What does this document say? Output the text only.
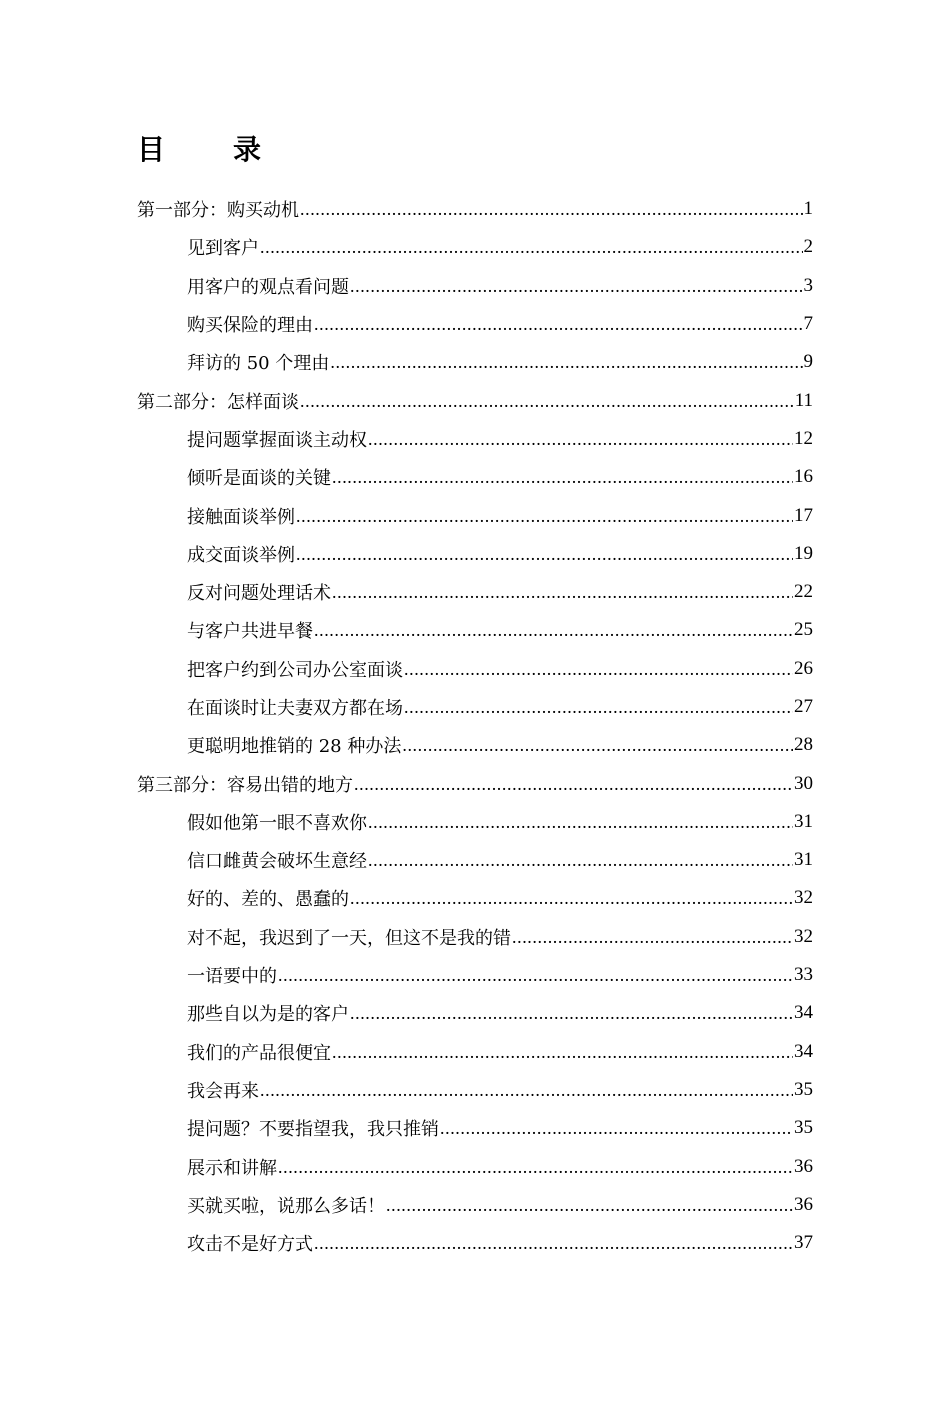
目　录
第一部分：购买动机 .....	1
见到客户 .....	2
用客户的观点看问题 .....	3
购买保险的理由 .....	7
拜访的 50 个理由 .....	9
第二部分：怎样面谈 .....	11
提问题掌握面谈主动权 .....	12
倾听是面谈的关键 .....	16
接触面谈举例 .....	17
成交面谈举例 .....	19
反对问题处理话术 .....	22
与客户共进早餐 .....	25
把客户约到公司办公室面谈 .....	26
在面谈时让夫妻双方都在场 .....	27
更聪明地推销的 28 种办法 .....	28
第三部分：容易出错的地方 .....	30
假如他第一眼不喜欢你 .....	31
信口雌黄会破坏生意经 .....	31
好的、差的、愚蠢的 .....	32
对不起，我迟到了一天，但这不是我的错 .....	32
一语要中的 .....	33
那些自以为是的客户 .....	34
我们的产品很便宜 .....	34
我会再来 .....	35
提问题？不要指望我，我只推销 .....	35
展示和讲解 .....	36
买就买啦，说那么多话！ .....	36
攻击不是好方式 .....	37
